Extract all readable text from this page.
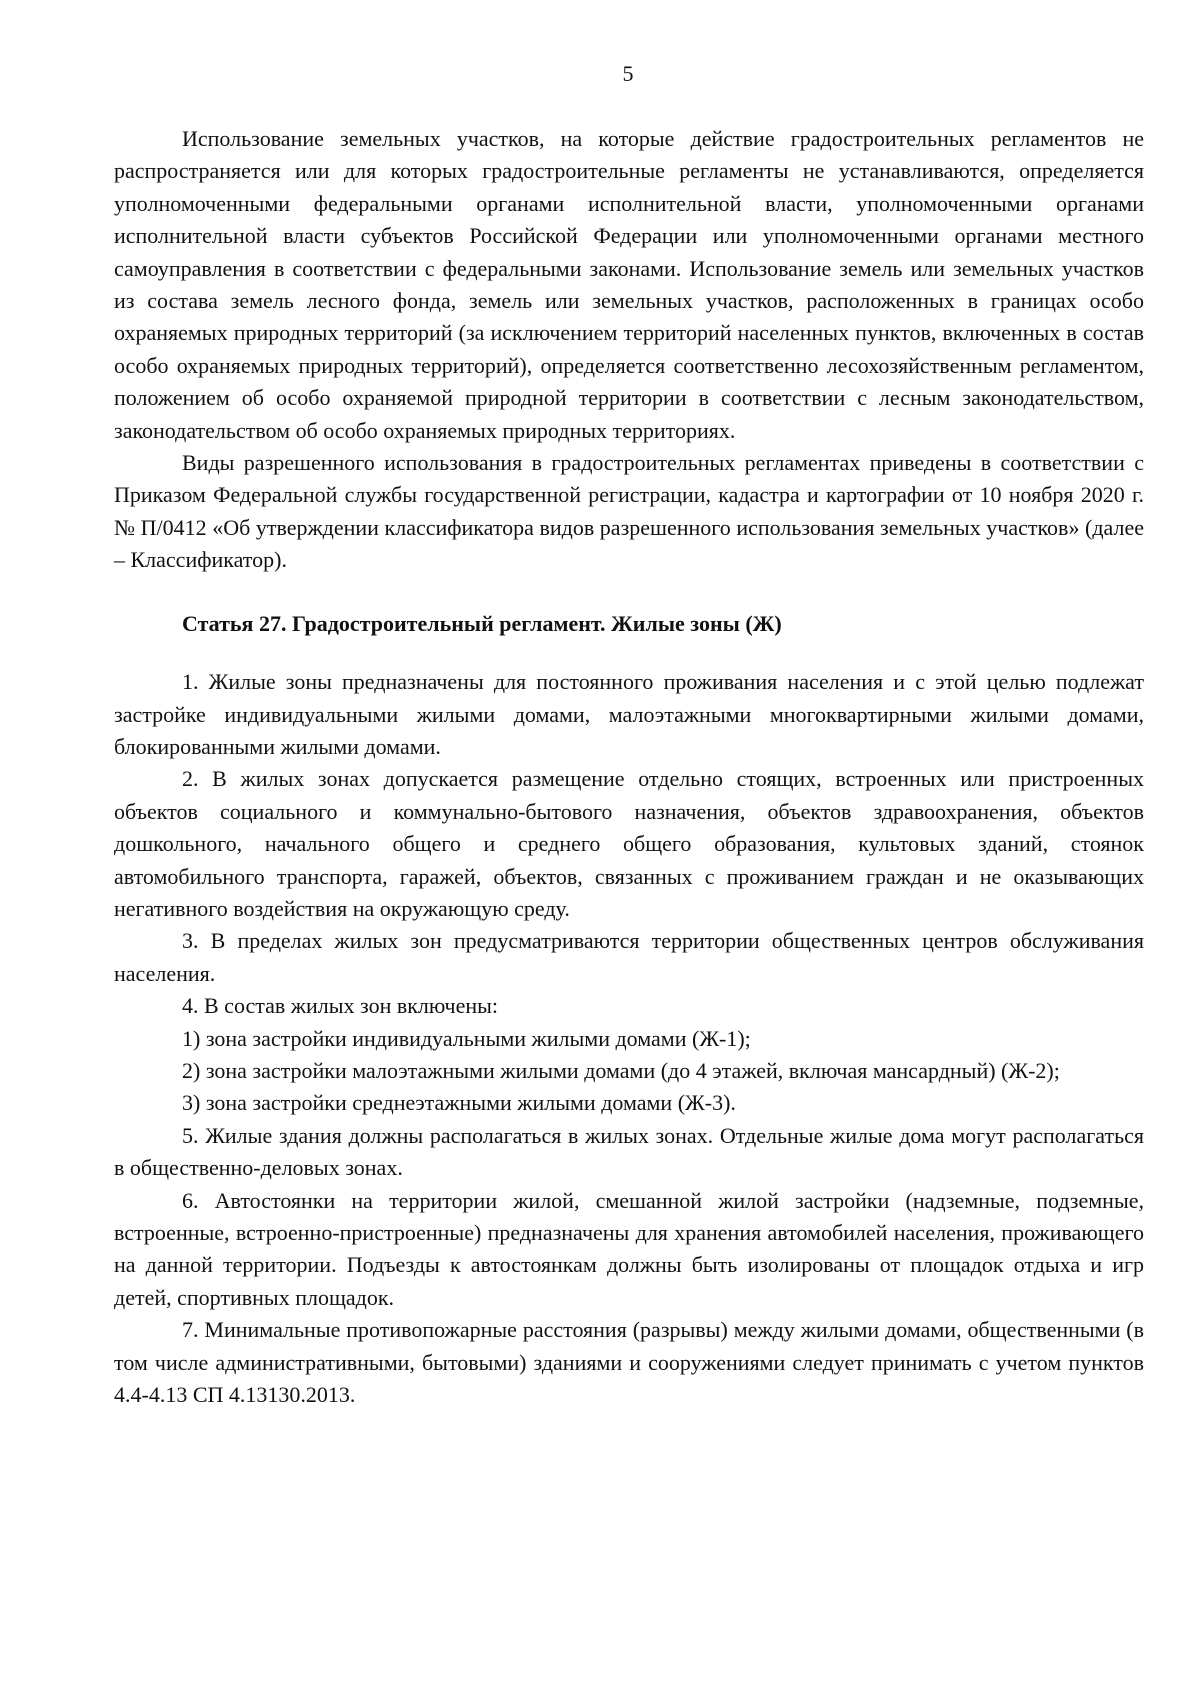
5

Использование земельных участков, на которые действие градостроительных регламентов не распространяется или для которых градостроительные регламенты не устанавливаются, определяется уполномоченными федеральными органами исполнительной власти, уполномоченными органами исполнительной власти субъектов Российской Федерации или уполномоченными органами местного самоуправления в соответствии с федеральными законами. Использование земель или земельных участков из состава земель лесного фонда, земель или земельных участков, расположенных в границах особо охраняемых природных территорий (за исключением территорий населенных пунктов, включенных в состав особо охраняемых природных территорий), определяется соответственно лесохозяйственным регламентом, положением об особо охраняемой природной территории в соответствии с лесным законодательством, законодательством об особо охраняемых природных территориях.

Виды разрешенного использования в градостроительных регламентах приведены в соответствии с Приказом Федеральной службы государственной регистрации, кадастра и картографии от 10 ноября 2020 г. № П/0412 «Об утверждении классификатора видов разрешенного использования земельных участков» (далее – Классификатор).

Статья 27. Градостроительный регламент. Жилые зоны (Ж)

1. Жилые зоны предназначены для постоянного проживания населения и с этой целью подлежат застройке индивидуальными жилыми домами, малоэтажными многоквартирными жилыми домами, блокированными жилыми домами.

2. В жилых зонах допускается размещение отдельно стоящих, встроенных или пристроенных объектов социального и коммунально-бытового назначения, объектов здравоохранения, объектов дошкольного, начального общего и среднего общего образования, культовых зданий, стоянок автомобильного транспорта, гаражей, объектов, связанных с проживанием граждан и не оказывающих негативного воздействия на окружающую среду.

3. В пределах жилых зон предусматриваются территории общественных центров обслуживания населения.

4. В состав жилых зон включены:

1) зона застройки индивидуальными жилыми домами (Ж-1);

2) зона застройки малоэтажными жилыми домами (до 4 этажей, включая мансардный) (Ж-2);

3) зона застройки среднеэтажными жилыми домами (Ж-3).

5. Жилые здания должны располагаться в жилых зонах. Отдельные жилые дома могут располагаться в общественно-деловых зонах.

6. Автостоянки на территории жилой, смешанной жилой застройки (надземные, подземные, встроенные, встроенно-пристроенные) предназначены для хранения автомобилей населения, проживающего на данной территории. Подъезды к автостоянкам должны быть изолированы от площадок отдыха и игр детей, спортивных площадок.

7. Минимальные противопожарные расстояния (разрывы) между жилыми домами, общественными (в том числе административными, бытовыми) зданиями и сооружениями следует принимать с учетом пунктов 4.4-4.13 СП 4.13130.2013.
